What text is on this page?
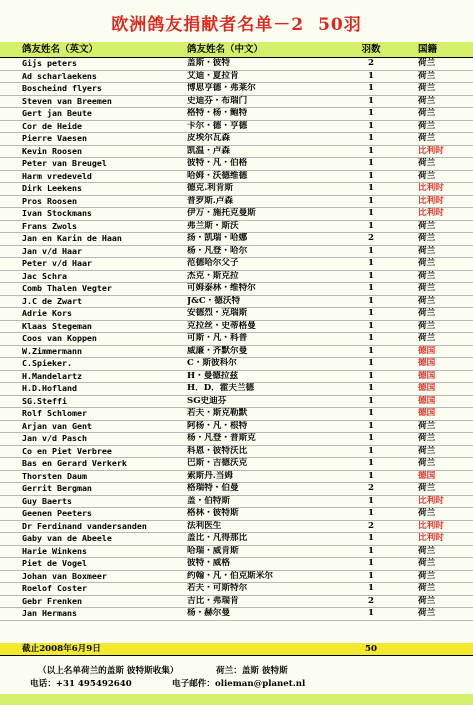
欧洲鸽友捐献者名单－2 50羽
鸽友姓名（英文）	鸽友姓名（中文）	羽数	国籍
Gijs peters	盖斯・彼特	2	荷兰
Ad scharlaekens	艾迪・夏拉肯	1	荷兰
Boscheind flyers	博思亨德・弗莱尔	1	荷兰
Steven van Breemen	史迪芬・布瑞门	1	荷兰
Gert jan Beute	格特・杨・鲍特	1	荷兰
Cor de Heide	卡尔・德・亨德	1	荷兰
Pierre Vaesen	皮埃尔瓦森	1	荷兰
Kevin Roosen	凯温・卢森	1	比利时
Peter van Breugel	彼特・凡・伯格	1	荷兰
Harm vredeveld	哈姆・沃德维德	1	荷兰
Dirk Leekens	德克.利肯斯	1	比利时
Pros Roosen	普罗斯.卢森	1	比利时
Ivan Stockmans	伊万・施托克曼斯	1	比利时
Frans Zwols	弗兰斯・斯沃	1	荷兰
Jan en Karin de Haan	扬・凯瑞・哈娜	2	荷兰
Jan v/d Haar	杨・凡登・哈尔	1	荷兰
Peter v/d Haar	范德哈尔父子	1	荷兰
Jac Schra	杰克・斯克拉	1	荷兰
Comb Thalen Vegter	可姆泰林・维特尔	1	荷兰
J.C de Zwart	J&C・德沃特	1	荷兰
Adrie Kors	安德烈・克瑞斯	1	荷兰
Klaas Stegeman	克拉丝・史蒂格曼	1	荷兰
Coos van Koppen	可斯・凡・科普	1	荷兰
W.Zimmermann	威廉・齐默尔曼	1	德国
C.Spieker.	C・斯彼科尔	1	德国
H.Mandelartz	H・曼德拉兹	1	德国
H.D.Hofland	H．D．霍夫兰德	1	德国
SG.Steffi	SG史迪芬	1	德国
Rolf Schlomer	若夫・斯克勒默	1	德国
Arjan van Gent	阿杨・凡・根特	1	荷兰
Jan v/d Pasch	杨・凡登・普斯克	1	荷兰
Co en Piet Verbree	科恩・彼特沃比	1	荷兰
Bas en Gerard Verkerk	巴斯・吉德沃克	1	荷兰
Thorsten Daum	索斯丹.当姆	1	德国
Gerrit Bergman	格瑞特・伯曼	2	荷兰
Guy Baerts	盖・伯特斯	1	比利时
Geenen Peeters	格林・彼特斯	1	荷兰
Dr Ferdinand vandersanden	法利医生	2	比利时
Gaby van de Abeele	盖比・凡得那比	1	比利时
Harie Winkens	哈瑞・威肯斯	1	荷兰
Piet de Vogel	彼特・威格	1	荷兰
Johan van Boxmeer	约翰・凡・伯克斯米尔	1	荷兰
Roelof Coster	若夫・可斯特尔	1	荷兰
Gebr Frenken	吉比・弗瑞肯	2	荷兰
Jan Hermans	杨・赫尔曼	1	荷兰
截止2008年6月9日	50
（以上名单荷兰的盖斯 彼特斯收集）	荷兰：盖斯 彼特斯
电话：+31 495492640	电子邮件：olieman@planet.nl
